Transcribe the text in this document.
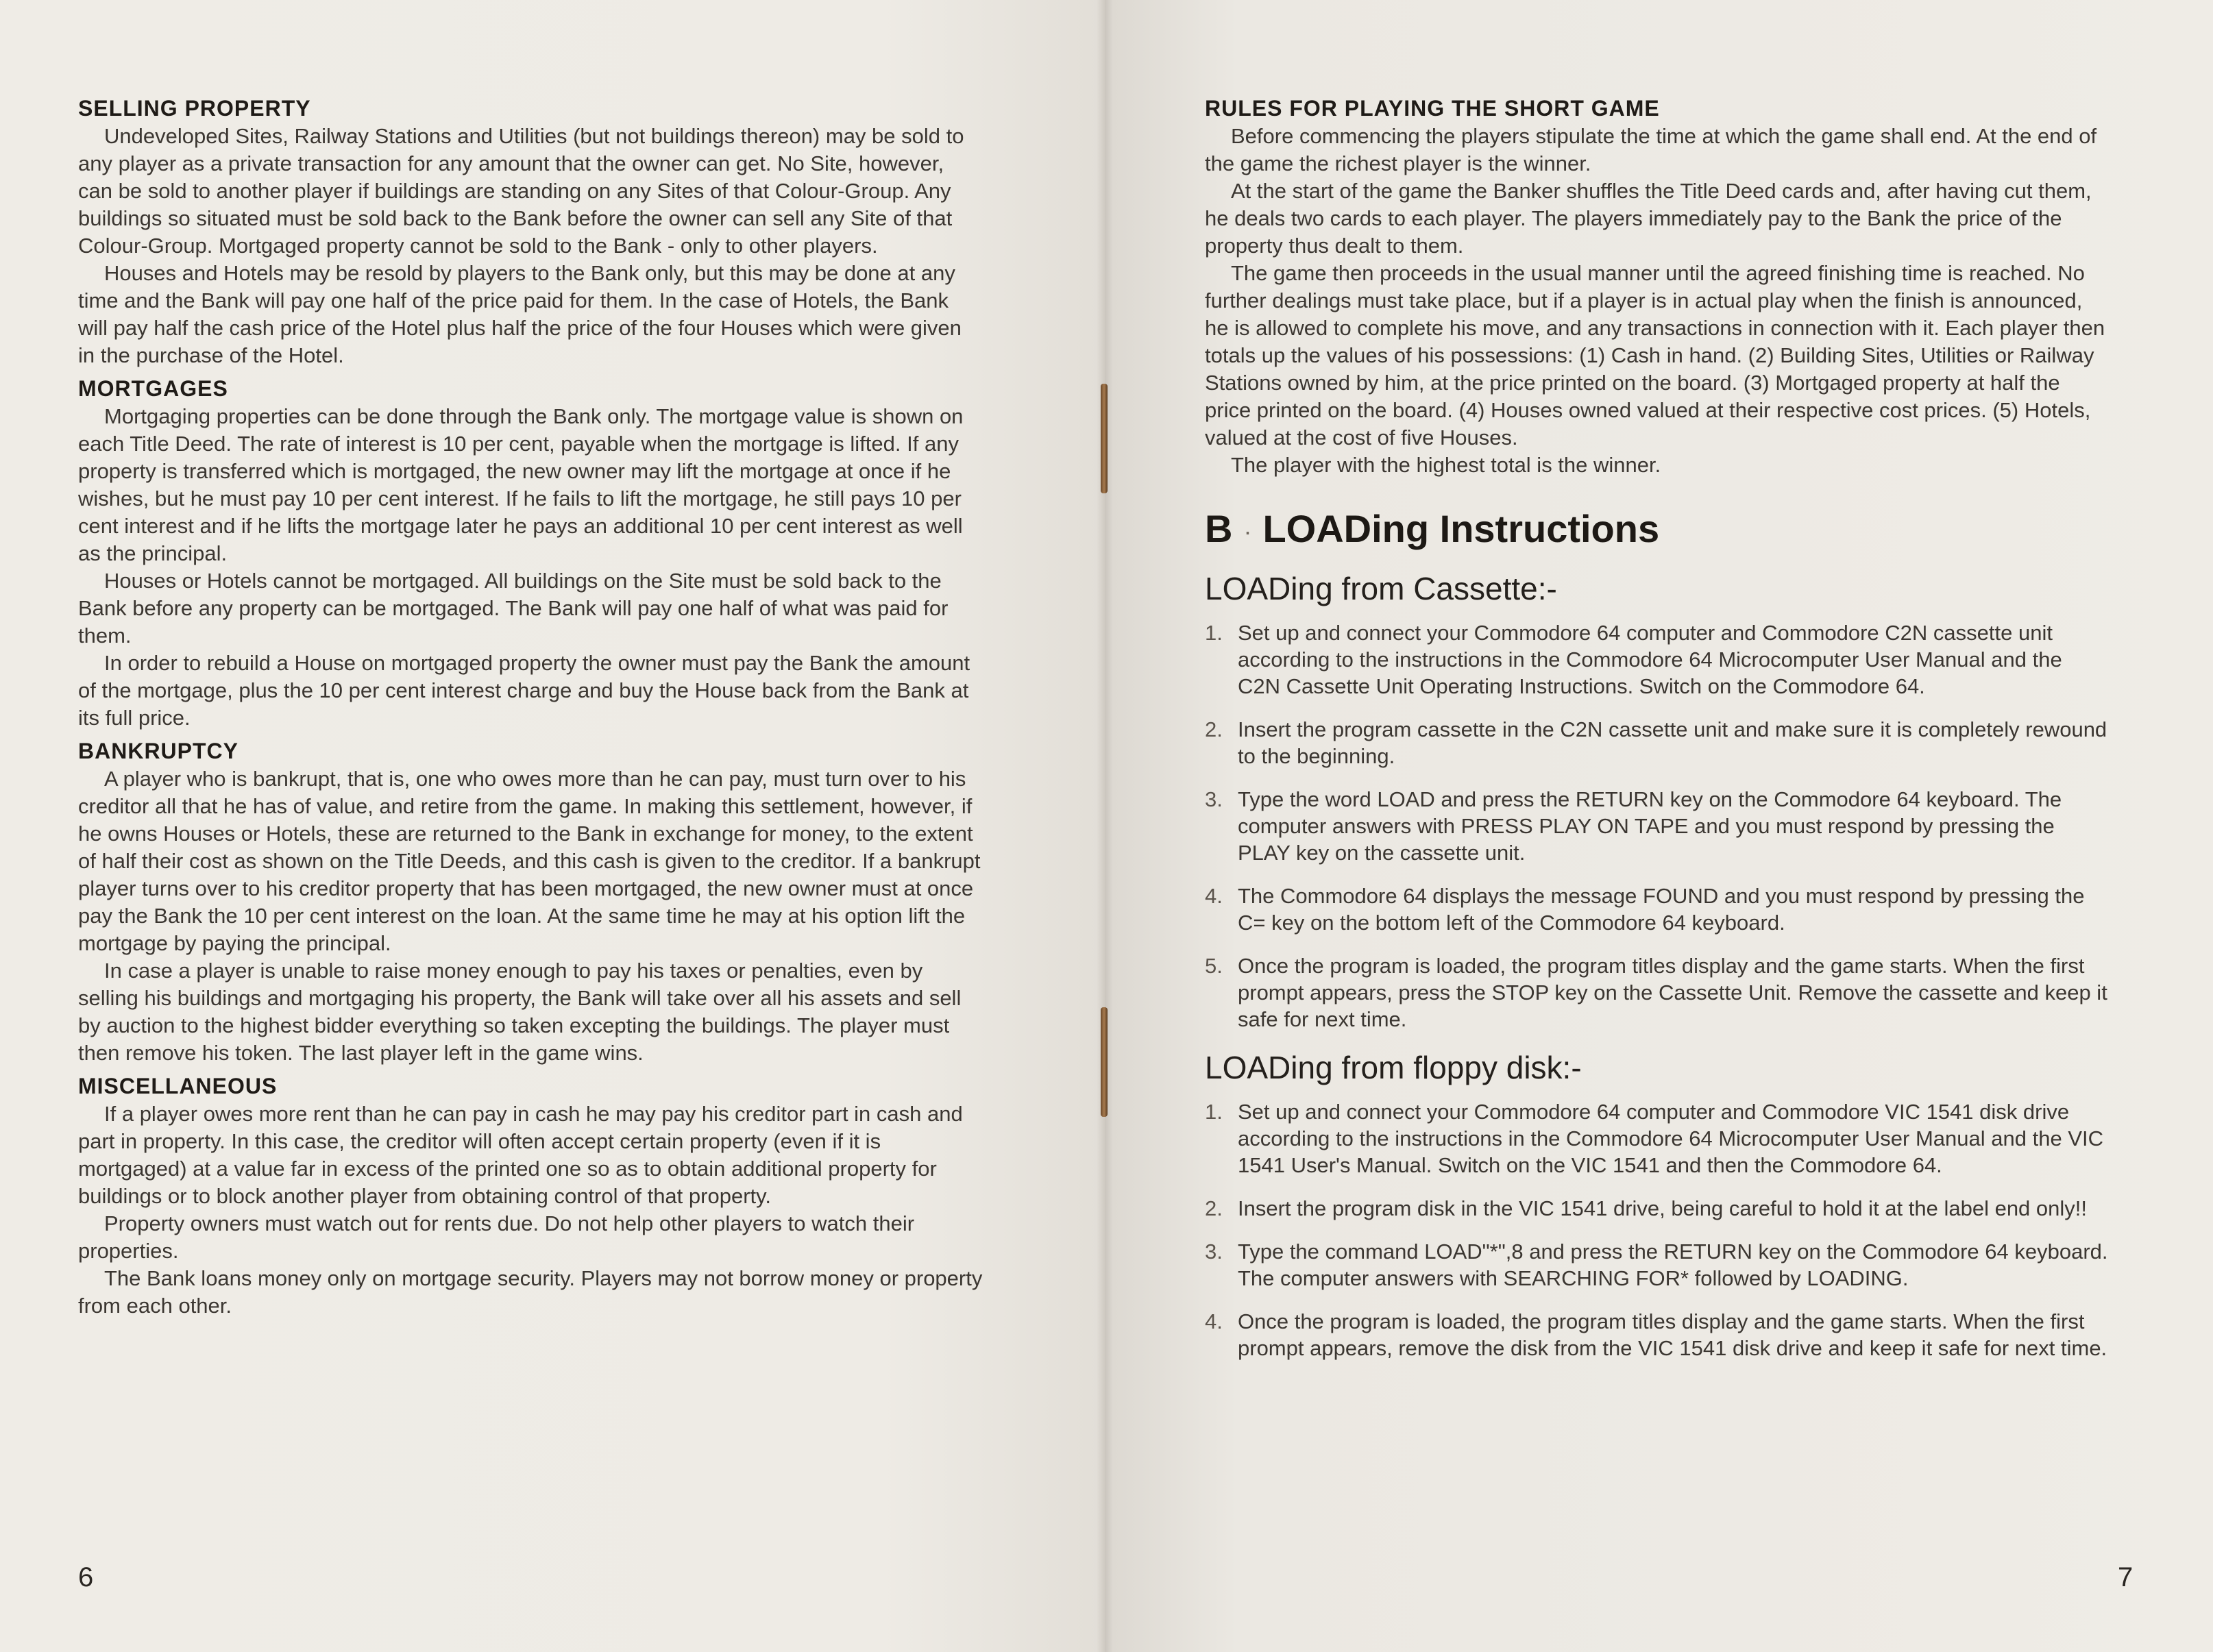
SELLING PROPERTY

Undeveloped Sites, Railway Stations and Utilities (but not buildings thereon) may be sold to any player as a private transaction for any amount that the owner can get. No Site, however, can be sold to another player if buildings are standing on any Sites of that Colour-Group. Any buildings so situated must be sold back to the Bank before the owner can sell any Site of that Colour-Group. Mortgaged property cannot be sold to the Bank - only to other players.

Houses and Hotels may be resold by players to the Bank only, but this may be done at any time and the Bank will pay one half of the price paid for them. In the case of Hotels, the Bank will pay half the cash price of the Hotel plus half the price of the four Houses which were given in the purchase of the Hotel.

MORTGAGES

Mortgaging properties can be done through the Bank only. The mortgage value is shown on each Title Deed. The rate of interest is 10 per cent, payable when the mortgage is lifted. If any property is transferred which is mortgaged, the new owner may lift the mortgage at once if he wishes, but he must pay 10 per cent interest. If he fails to lift the mortgage, he still pays 10 per cent interest and if he lifts the mortgage later he pays an additional 10 per cent interest as well as the principal.

Houses or Hotels cannot be mortgaged. All buildings on the Site must be sold back to the Bank before any property can be mortgaged. The Bank will pay one half of what was paid for them.

In order to rebuild a House on mortgaged property the owner must pay the Bank the amount of the mortgage, plus the 10 per cent interest charge and buy the House back from the Bank at its full price.

BANKRUPTCY

A player who is bankrupt, that is, one who owes more than he can pay, must turn over to his creditor all that he has of value, and retire from the game. In making this settlement, however, if he owns Houses or Hotels, these are returned to the Bank in exchange for money, to the extent of half their cost as shown on the Title Deeds, and this cash is given to the creditor. If a bankrupt player turns over to his creditor property that has been mortgaged, the new owner must at once pay the Bank the 10 per cent interest on the loan. At the same time he may at his option lift the mortgage by paying the principal.

In case a player is unable to raise money enough to pay his taxes or penalties, even by selling his buildings and mortgaging his property, the Bank will take over all his assets and sell by auction to the highest bidder everything so taken excepting the buildings. The player must then remove his token. The last player left in the game wins.

MISCELLANEOUS

If a player owes more rent than he can pay in cash he may pay his creditor part in cash and part in property. In this case, the creditor will often accept certain property (even if it is mortgaged) at a value far in excess of the printed one so as to obtain additional property for buildings or to block another player from obtaining control of that property.

Property owners must watch out for rents due. Do not help other players to watch their properties.

The Bank loans money only on mortgage security. Players may not borrow money or property from each other.

RULES FOR PLAYING THE SHORT GAME

Before commencing the players stipulate the time at which the game shall end. At the end of the game the richest player is the winner.

At the start of the game the Banker shuffles the Title Deed cards and, after having cut them, he deals two cards to each player. The players immediately pay to the Bank the price of the property thus dealt to them.

The game then proceeds in the usual manner until the agreed finishing time is reached. No further dealings must take place, but if a player is in actual play when the finish is announced, he is allowed to complete his move, and any transactions in connection with it. Each player then totals up the values of his possessions: (1) Cash in hand. (2) Building Sites, Utilities or Railway Stations owned by him, at the price printed on the board. (3) Mortgaged property at half the price printed on the board. (4) Houses owned valued at their respective cost prices. (5) Hotels, valued at the cost of five Houses.

The player with the highest total is the winner.

B · LOADing Instructions
LOADing from Cassette:-
1. Set up and connect your Commodore 64 computer and Commodore C2N cassette unit according to the instructions in the Commodore 64 Microcomputer User Manual and the C2N Cassette Unit Operating Instructions. Switch on the Commodore 64.
2. Insert the program cassette in the C2N cassette unit and make sure it is completely rewound to the beginning.
3. Type the word LOAD and press the RETURN key on the Commodore 64 keyboard. The computer answers with PRESS PLAY ON TAPE and you must respond by pressing the PLAY key on the cassette unit.
4. The Commodore 64 displays the message FOUND and you must respond by pressing the C= key on the bottom left of the Commodore 64 keyboard.
5. Once the program is loaded, the program titles display and the game starts. When the first prompt appears, press the STOP key on the Cassette Unit. Remove the cassette and keep it safe for next time.
LOADing from floppy disk:-
1. Set up and connect your Commodore 64 computer and Commodore VIC 1541 disk drive according to the instructions in the Commodore 64 Microcomputer User Manual and the VIC 1541 User's Manual. Switch on the VIC 1541 and then the Commodore 64.
2. Insert the program disk in the VIC 1541 drive, being careful to hold it at the label end only!!
3. Type the command LOAD"*",8 and press the RETURN key on the Commodore 64 keyboard. The computer answers with SEARCHING FOR* followed by LOADING.
4. Once the program is loaded, the program titles display and the game starts. When the first prompt appears, remove the disk from the VIC 1541 disk drive and keep it safe for next time.
6	7
